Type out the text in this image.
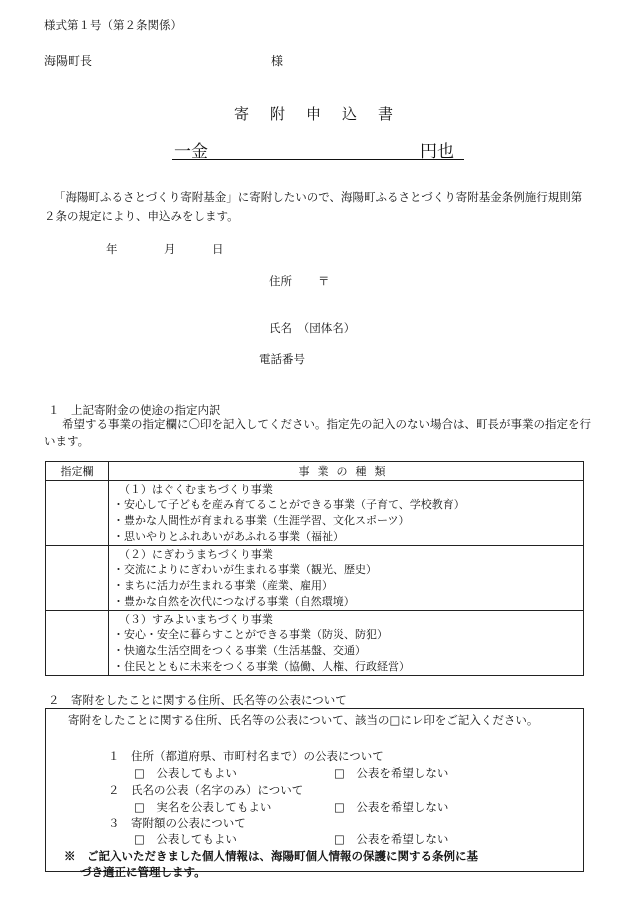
様式第１号（第２条関係）
海陽町長	様
寄附申込書
一金	円也
「海陽町ふるさとづくり寄附基金」に寄附したいので、海陽町ふるさとづくり寄附基金条例施行規則第２条の規定により、申込みをします。
年	月	日
住所 〒
氏名　（団体名）
電話番号
１　上記寄附金の使途の指定内訳
希望する事業の指定欄に〇印を記入してください。指定先の記入のない場合は、町長が事業の指定を行います。
指定欄	事業の種類

	（１）はぐくむまちづくり事業
・安心して子どもを産み育てることができる事業（子育て、学校教育）
・豊かな人間性が育まれる事業（生涯学習、文化スポーツ）
・思いやりとふれあいがあふれる事業（福祉）

	（２）にぎわうまちづくり事業
・交流によりにぎわいが生まれる事業（観光、歴史）
・まちに活力が生まれる事業（産業、雇用）
・豊かな自然を次代につなげる事業（自然環境）

	（３）すみよいまちづくり事業
・安心・安全に暮らすことができる事業（防災、防犯）
・快適な生活空間をつくる事業（生活基盤、交通）
・住民とともに未来をつくる事業（協働、人権、行政経営）
２　寄附をしたことに関する住所、氏名等の公表について
寄附をしたことに関する住所、氏名等の公表について、該当の□にレ印をご記入ください。
１　住所（都道府県、市町村名まで）の公表について
□　公表してもよい	□　公表を希望しない
２　氏名の公表（名字のみ）について
□　実名を公表してもよい	□　公表を希望しない
３　寄附額の公表について
□　公表してもよい	□　公表を希望しない
※　ご記入いただきました個人情報は、海陽町個人情報の保護に関する条例に基
づき適正に管理します。
